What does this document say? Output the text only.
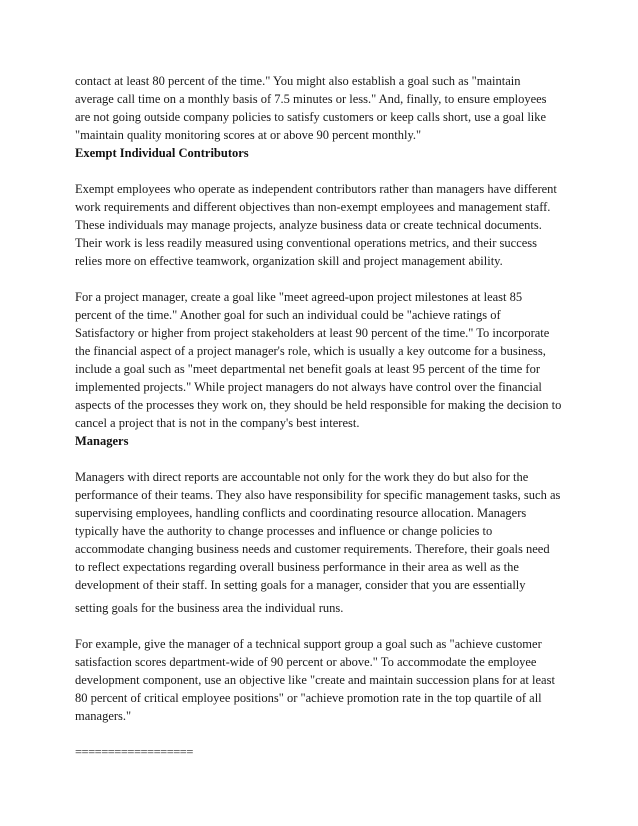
contact at least 80 percent of the time." You might also establish a goal such as "maintain
average call time on a monthly basis of 7.5 minutes or less." And, finally, to ensure employees
are not going outside company policies to satisfy customers or keep calls short, use a goal like
"maintain quality monitoring scores at or above 90 percent monthly."
Exempt Individual Contributors
Exempt employees who operate as independent contributors rather than managers have different
work requirements and different objectives than non-exempt employees and management staff.
These individuals may manage projects, analyze business data or create technical documents.
Their work is less readily measured using conventional operations metrics, and their success
relies more on effective teamwork, organization skill and project management ability.
For a project manager, create a goal like "meet agreed-upon project milestones at least 85
percent of the time." Another goal for such an individual could be "achieve ratings of
Satisfactory or higher from project stakeholders at least 90 percent of the time." To incorporate
the financial aspect of a project manager's role, which is usually a key outcome for a business,
include a goal such as "meet departmental net benefit goals at least 95 percent of the time for
implemented projects." While project managers do not always have control over the financial
aspects of the processes they work on, they should be held responsible for making the decision to
cancel a project that is not in the company's best interest.
Managers
Managers with direct reports are accountable not only for the work they do but also for the
performance of their teams. They also have responsibility for specific management tasks, such as
supervising employees, handling conflicts and coordinating resource allocation. Managers
typically have the authority to change processes and influence or change policies to
accommodate changing business needs and customer requirements. Therefore, their goals need
to reflect expectations regarding overall business performance in their area as well as the
development of their staff. In setting goals for a manager, consider that you are essentially
setting goals for the business area the individual runs.
For example, give the manager of a technical support group a goal such as "achieve customer
satisfaction scores department-wide of 90 percent or above." To accommodate the employee
development component, use an objective like "create and maintain succession plans for at least
80 percent of critical employee positions" or "achieve promotion rate in the top quartile of all
managers."
==================
